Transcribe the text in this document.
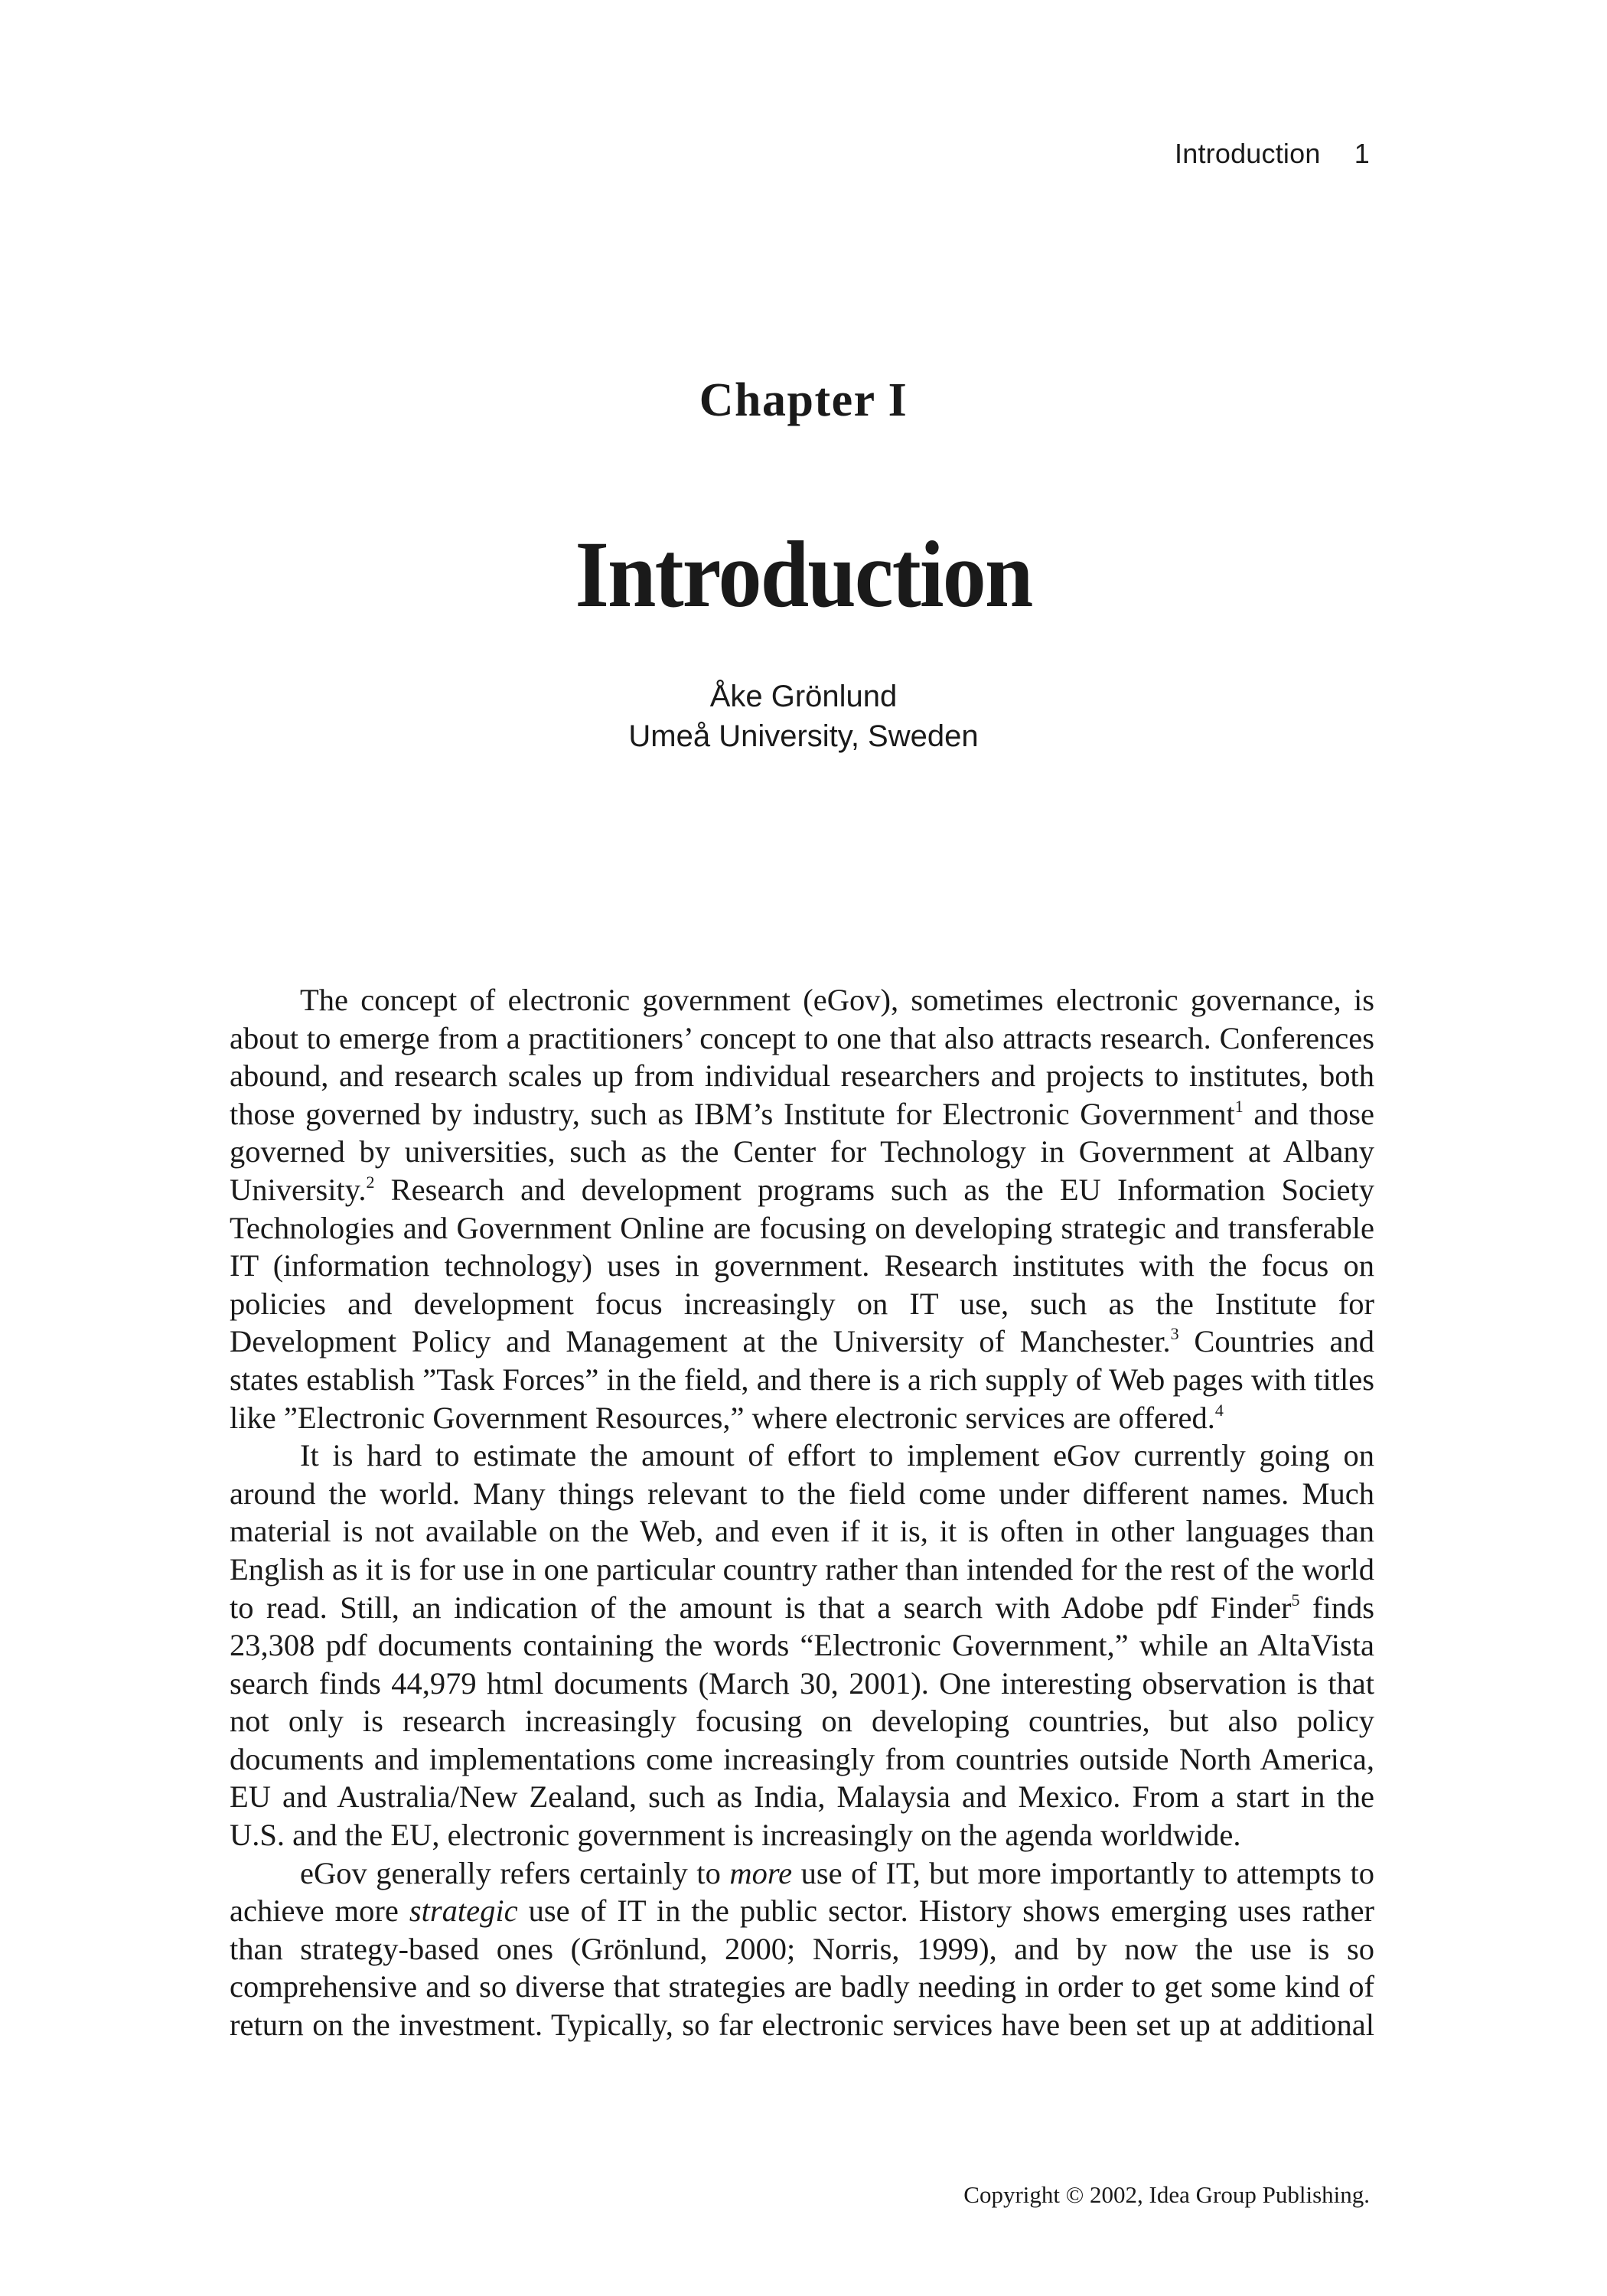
Introduction 1
Chapter I
Introduction
Åke Grönlund
Umeå University, Sweden

The concept of electronic government (eGov), sometimes electronic governance, is about to emerge from a practitioners’ concept to one that also attracts research. Conferences abound, and research scales up from individual researchers and projects to institutes, both those governed by industry, such as IBM’s Institute for Electronic Government$^1$ and those governed by universities, such as the Center for Technology in Government at Albany University.$^2$ Research and development programs such as the EU Information Society Technologies and Government Online are focusing on developing strategic and transferable IT (information technology) uses in government. Research institutes with the focus on policies and development focus increasingly on IT use, such as the Institute for Development Policy and Management at the University of Manchester.$^3$ Countries and states establish ”Task Forces” in the field, and there is a rich supply of Web pages with titles like ”Electronic Government Resources,” where electronic services are offered.$^4$

It is hard to estimate the amount of effort to implement eGov currently going on around the world. Many things relevant to the field come under different names. Much material is not available on the Web, and even if it is, it is often in other languages than English as it is for use in one particular country rather than intended for the rest of the world to read. Still, an indication of the amount is that a search with Adobe pdf Finder$^5$ finds 23,308 pdf documents containing the words “Electronic Government,” while an AltaVista search finds 44,979 html documents (March 30, 2001). One interesting observation is that not only is research increasingly focusing on developing countries, but also policy documents and implementations come increasingly from countries outside North America, EU and Australia/New Zealand, such as India, Malaysia and Mexico. From a start in the U.S. and the EU, electronic government is increasingly on the agenda worldwide.

eGov generally refers certainly to more use of IT, but more importantly to attempts to achieve more strategic use of IT in the public sector. History shows emerging uses rather than strategy-based ones (Grönlund, 2000; Norris, 1999), and by now the use is so comprehensive and so diverse that strategies are badly needing in order to get some kind of return on the investment. Typically, so far electronic services have been set up at additional

Copyright © 2002, Idea Group Publishing.
